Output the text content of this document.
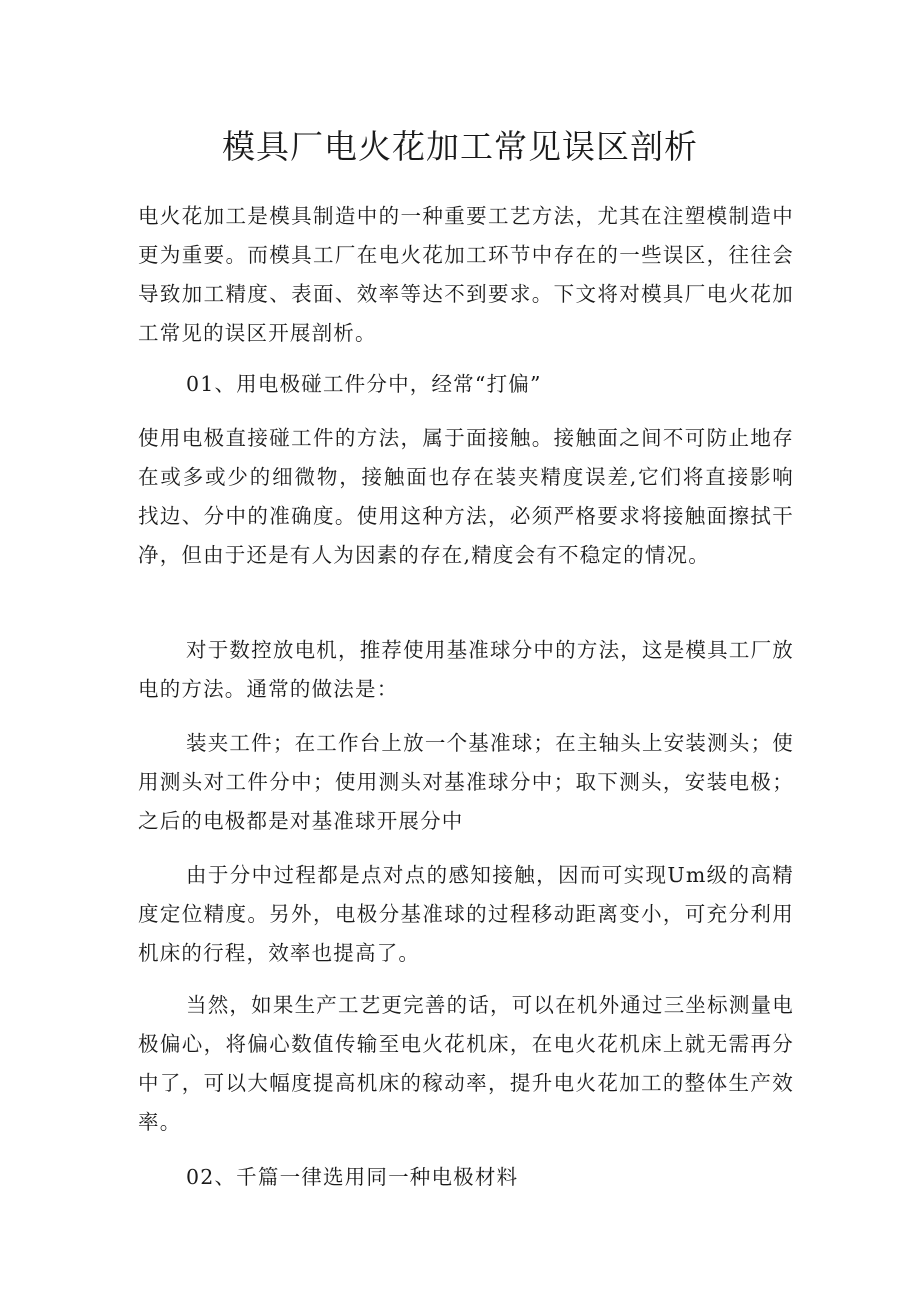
模具厂电火花加工常见误区剖析

电火花加工是模具制造中的一种重要工艺方法，尤其在注塑模制造中更为重要。而模具工厂在电火花加工环节中存在的一些误区，往往会导致加工精度、表面、效率等达不到要求。下文将对模具厂电火花加工常见的误区开展剖析。

01、用电极碰工件分中，经常“打偏”

使用电极直接碰工件的方法，属于面接触。接触面之间不可防止地存在或多或少的细微物，接触面也存在装夹精度误差,它们将直接影响找边、分中的准确度。使用这种方法，必须严格要求将接触面擦拭干净，但由于还是有人为因素的存在,精度会有不稳定的情况。

对于数控放电机，推荐使用基准球分中的方法，这是模具工厂放电的方法。通常的做法是：

装夹工件；在工作台上放一个基准球；在主轴头上安装测头；使用测头对工件分中；使用测头对基准球分中；取下测头，安装电极；之后的电极都是对基准球开展分中

由于分中过程都是点对点的感知接触，因而可实现Um级的高精度定位精度。另外，电极分基准球的过程移动距离变小，可充分利用机床的行程，效率也提高了。

当然，如果生产工艺更完善的话，可以在机外通过三坐标测量电极偏心，将偏心数值传输至电火花机床，在电火花机床上就无需再分中了，可以大幅度提高机床的稼动率，提升电火花加工的整体生产效率。

02、千篇一律选用同一种电极材料
